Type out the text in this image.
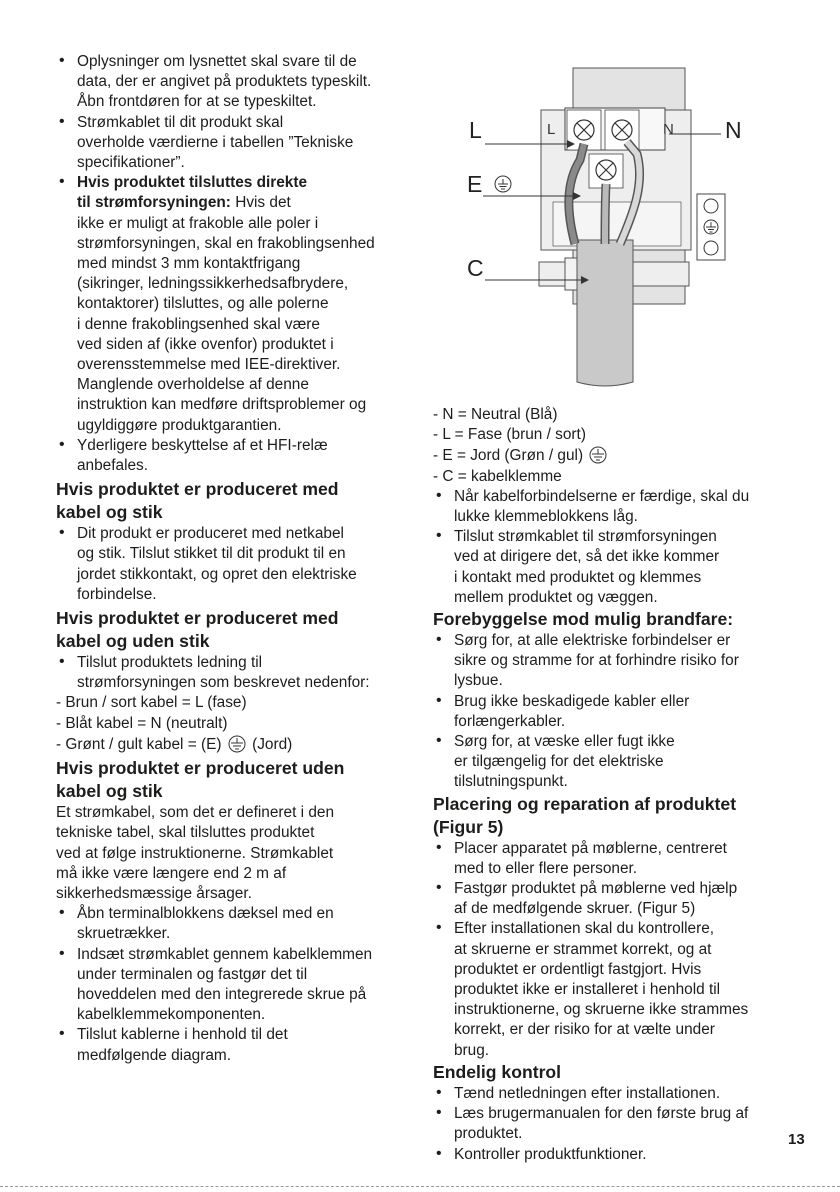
L	N
L
E
C
N

• Oplysninger om lysnettet skal svare til de

data, der er angivet på produktets typeskilt.

Åbn frontdøren for at se typeskiltet.

• Strømkablet til dit produkt skal

overholde værdierne i tabellen ”Tekniske

specifikationer”.

• Hvis produktet tilsluttes direkte

til strømforsyningen: Hvis det

ikke er muligt at frakoble alle poler i

strømforsyningen, skal en frakoblingsenhed

med mindst 3 mm kontaktfrigang

(sikringer, ledningssikkerhedsafbrydere,

kontaktorer) tilsluttes, og alle polerne

i denne frakoblingsenhed skal være

ved siden af (ikke ovenfor) produktet i

overensstemmelse med IEE-direktiver.

Manglende overholdelse af denne

instruktion kan medføre driftsproblemer og

ugyldiggøre produktgarantien.

• Yderligere beskyttelse af et HFI-relæ

anbefales.

Hvis produktet er produceret med
kabel og stik

• Dit produkt er produceret med netkabel

og stik. Tilslut stikket til dit produkt til en

jordet stikkontakt, og opret den elektriske

forbindelse.

Hvis produktet er produceret med
kabel og uden stik

• Tilslut produktets ledning til

strømforsyningen som beskrevet nedenfor:

- Brun / sort kabel = L (fase)

- Blåt kabel = N (neutralt)

- Grønt / gult kabel = (E) (Jord)

Hvis produktet er produceret uden
kabel og stik

Et strømkabel, som det er defineret i den

tekniske tabel, skal tilsluttes produktet

ved at følge instruktionerne. Strømkablet

må ikke være længere end 2 m af

sikkerhedsmæssige årsager.

• Åbn terminalblokkens dæksel med en

skruetrækker.

• Indsæt strømkablet gennem kabelklemmen

under terminalen og fastgør det til

hoveddelen med den integrerede skrue på

kabelklemmekomponenten.

• Tilslut kablerne i henhold til det

medfølgende diagram.

- N = Neutral (Blå)

- L = Fase (brun / sort)

- E = Jord (Grøn / gul)

- C = kabelklemme

• Når kabelforbindelserne er færdige, skal du

lukke klemmeblokkens låg.

• Tilslut strømkablet til strømforsyningen

ved at dirigere det, så det ikke kommer

i kontakt med produktet og klemmes

mellem produktet og væggen.

Forebyggelse mod mulig brandfare:

• Sørg for, at alle elektriske forbindelser er

sikre og stramme for at forhindre risiko for

lysbue.

• Brug ikke beskadigede kabler eller

forlængerkabler.

• Sørg for, at væske eller fugt ikke

er tilgængelig for det elektriske

tilslutningspunkt.

Placering og reparation af produktet
(Figur 5)

• Placer apparatet på møblerne, centreret

med to eller flere personer.

• Fastgør produktet på møblerne ved hjælp

af de medfølgende skruer. (Figur 5)

• Efter installationen skal du kontrollere,

at skruerne er strammet korrekt, og at

produktet er ordentligt fastgjort. Hvis

produktet ikke er installeret i henhold til

instruktionerne, og skruerne ikke strammes

korrekt, er der risiko for at vælte under

brug.

Endelig kontrol

• Tænd netledningen efter installationen.

• Læs brugermanualen for den første brug af

produktet.

• Kontroller produktfunktioner.

13
